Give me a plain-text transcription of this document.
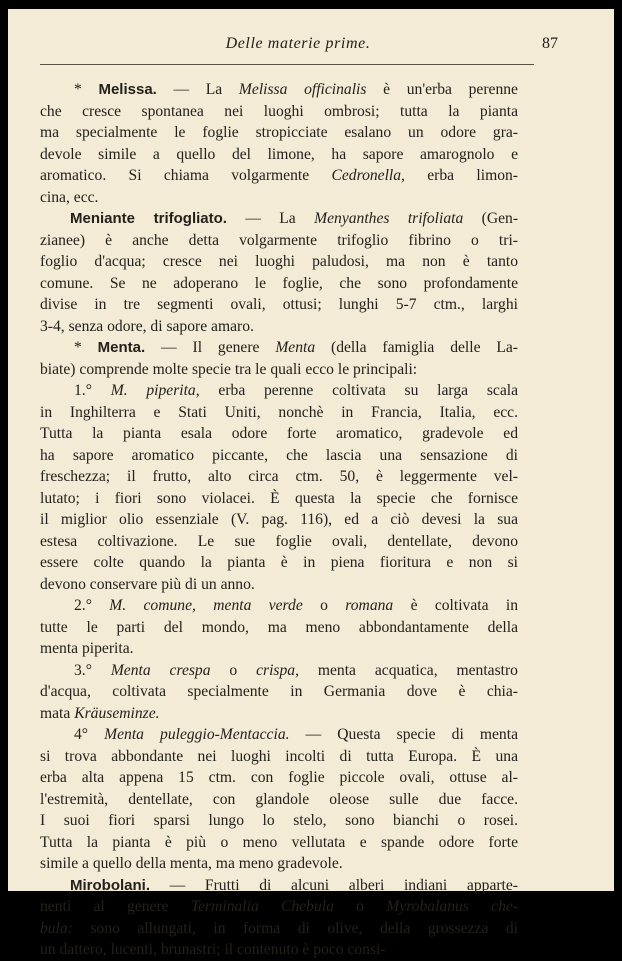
Delle materie prime.	87
* Melissa. — La Melissa officinalis è un'erba perenne
che cresce spontanea nei luoghi ombrosi; tutta la pianta
ma specialmente le foglie stropicciate esalano un odore gra-
devole simile a quello del limone, ha sapore amarognolo e
aromatico. Si chiama volgarmente Cedronella, erba limon-
cina, ecc.
Meniante trifogliato. — La Menyanthes trifoliata (Gen-
zianee) è anche detta volgarmente trifoglio fibrino o tri-
foglio d'acqua; cresce nei luoghi paludosi, ma non è tanto
comune. Se ne adoperano le foglie, che sono profondamente
divise in tre segmenti ovali, ottusi; lunghi 5-7 ctm., larghi
3-4, senza odore, di sapore amaro.
* Menta. — Il genere Menta (della famiglia delle La-
biate) comprende molte specie tra le quali ecco le principali:
1.° M. piperita, erba perenne coltivata su larga scala
in Inghilterra e Stati Uniti, nonchè in Francia, Italia, ecc.
Tutta la pianta esala odore forte aromatico, gradevole ed
ha sapore aromatico piccante, che lascia una sensazione di
freschezza; il frutto, alto circa ctm. 50, è leggermente vel-
lutato; i fiori sono violacei. È questa la specie che fornisce
il miglior olio essenziale (V. pag. 116), ed a ciò devesi la sua
estesa coltivazione. Le sue foglie ovali, dentellate, devono
essere colte quando la pianta è in piena fioritura e non si
devono conservare più di un anno.
2.° M. comune, menta verde o romana è coltivata in
tutte le parti del mondo, ma meno abbondantamente della
menta piperita.
3.° Menta crespa o crispa, menta acquatica, mentastro
d'acqua, coltivata specialmente in Germania dove è chia-
mata Kräuseminze.
4° Menta puleggio-Mentaccia. — Questa specie di menta
si trova abbondante nei luoghi incolti di tutta Europa. È una
erba alta appena 15 ctm. con foglie piccole ovali, ottuse al-
l'estremità, dentellate, con glandole oleose sulle due facce.
I suoi fiori sparsi lungo lo stelo, sono bianchi o rosei.
Tutta la pianta è più o meno vellutata e spande odore forte
simile a quello della menta, ma meno gradevole.
Mirobolani. — Frutti di alcuni alberi indiani apparte-
nenti al genere Terminalia Chebula o Myrobalanus che-
bula: sono allungati, in forma di olive, della grossezza di
un dattero, lucenti, brunastri; il contenuto è poco consi-
